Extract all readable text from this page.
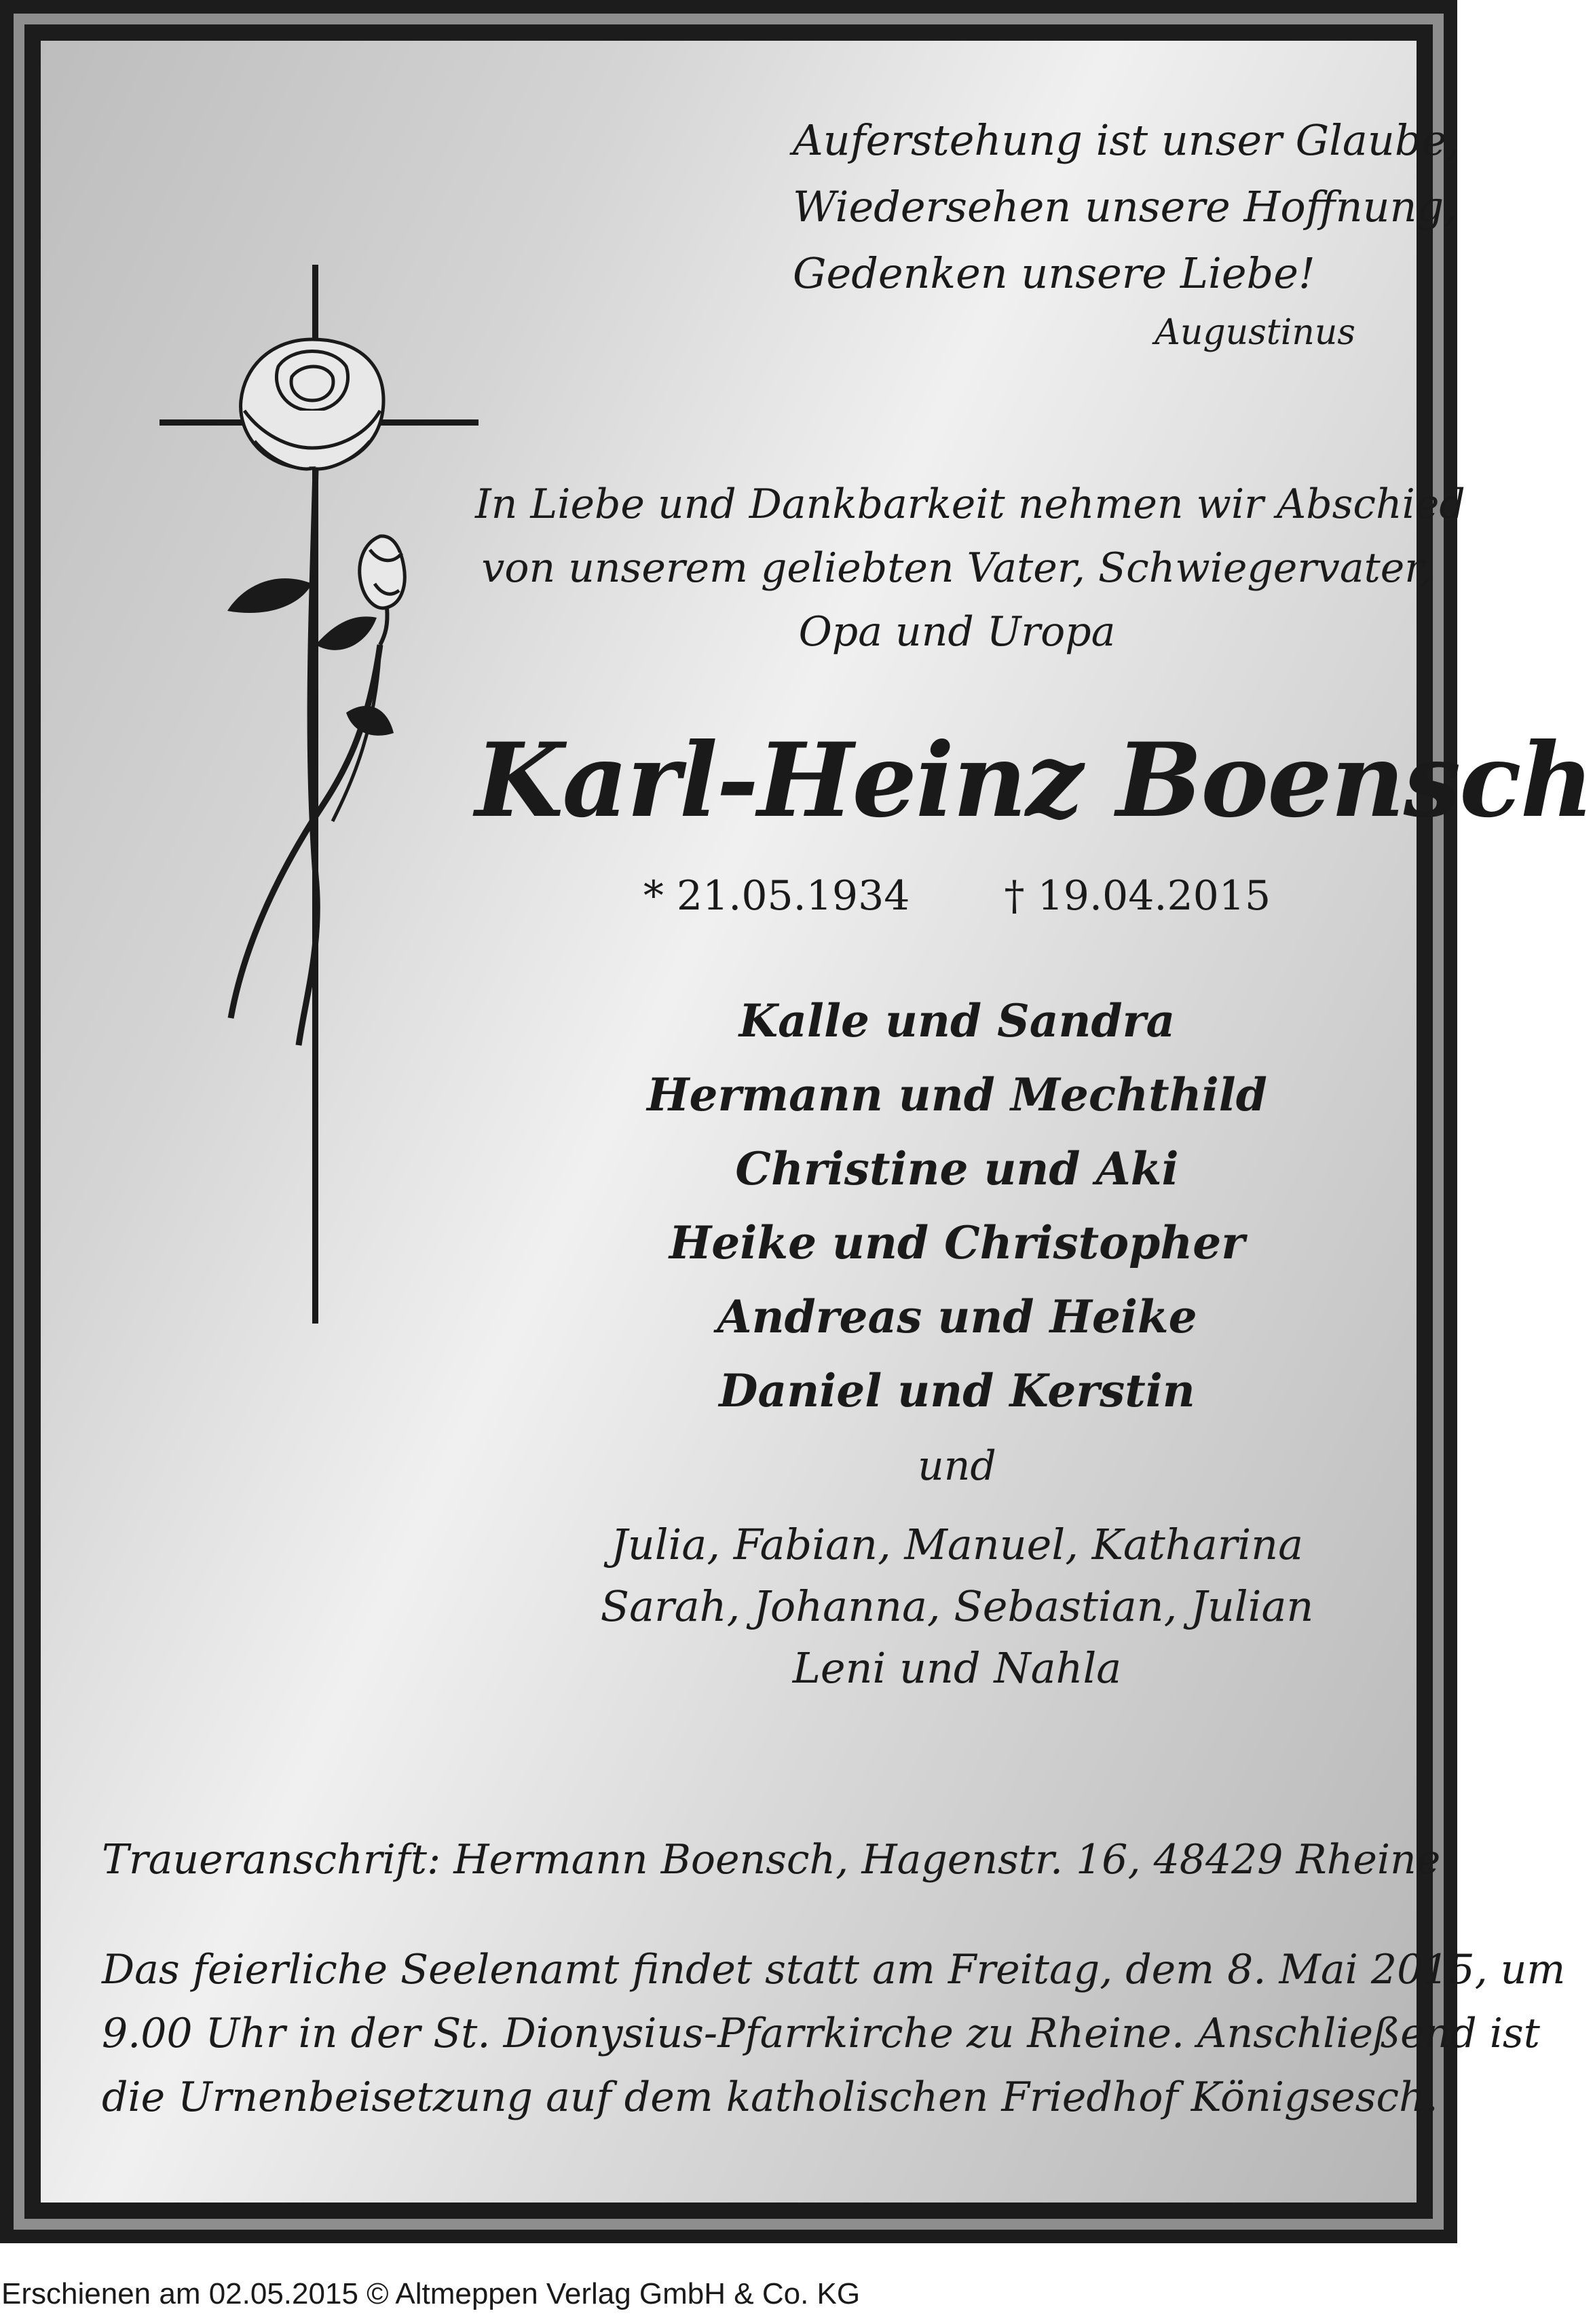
Auferstehung ist unser Glaube,
Wiedersehen unsere Hoffnung,
Gedenken unsere Liebe!
Augustinus
In Liebe und Dankbarkeit nehmen wir Abschied
von unserem geliebten Vater, Schwiegervater,
Opa und Uropa
Karl-Heinz Boensch
* 21.05.1934 † 19.04.2015
Kalle und Sandra
Hermann und Mechthild
Christine und Aki
Heike und Christopher
Andreas und Heike
Daniel und Kerstin
und
Julia, Fabian, Manuel, Katharina
Sarah, Johanna, Sebastian, Julian
Leni und Nahla
Traueranschrift: Hermann Boensch, Hagenstr. 16, 48429 Rheine
Das feierliche Seelenamt findet statt am Freitag, dem 8. Mai 2015, um
9.00 Uhr in der St. Dionysius-Pfarrkirche zu Rheine. Anschließend ist
die Urnenbeisetzung auf dem katholischen Friedhof Königsesch.
Erschienen am 02.05.2015 © Altmeppen Verlag GmbH & Co. KG
